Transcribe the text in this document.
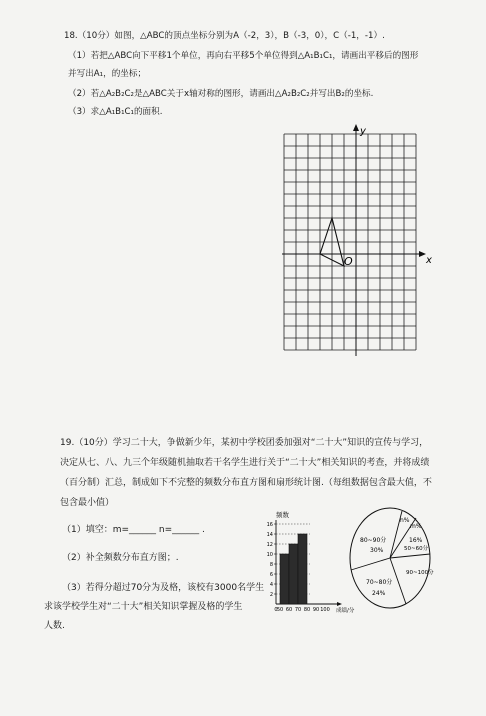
18.（10分）如图，△ABC的顶点坐标分别为A（-2，3），B（-3，0），C（-1，-1）.
（1）若把△ABC向下平移1个单位，再向右平移5个单位得到△A₁B₁C₁，请画出平移后的图形
并写出A₁，的坐标；
（2）若△A₂B₂C₂是△ABC关于x轴对称的图形，请画出△A₂B₂C₂并写出B₂的坐标.
（3）求△A₁B₁C₁的面积.
x
y
O
19.（10分）学习二十大，争做新少年，某初中学校团委加强对“二十大”知识的宣传与学习，
决定从七、八、九三个年级随机抽取若干名学生进行关于“二十大”相关知识的考查，并将成绩
（百分制）汇总，制成如下不完整的频数分布直方图和扇形统计图.（每组数据包含最大值，不
包含最小值）
（1）填空：m=______ n=______ .
（2）补全频数分布直方图；.
（3）若得分超过70分为及格，该校有3000名学生
求该学校学生对“二十大”相关知识掌握及格的学生
人数.
频数
成绩/分
16
14
12
10
8
6
4
2
0 50 60 70 80 90 100
n%
m%
16%
50~60分
80~90分
30%
90~100分
70~80分
24%
